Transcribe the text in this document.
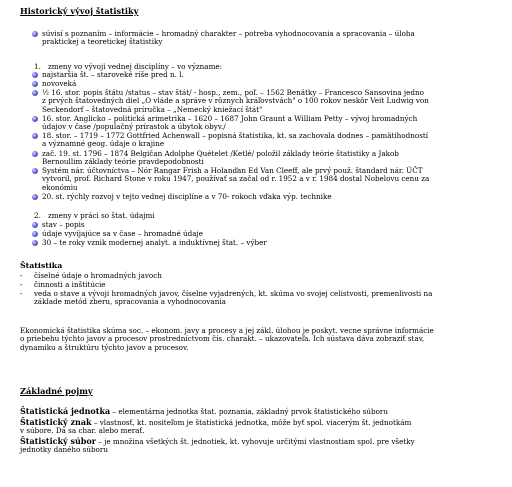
Historický vývoj štatistiky
súvisí s poznaním – informácie – hromadný charakter – potreba vyhodnocovania a spracovania – úloha
praktickej a teoretickej štatistiky
1. zmeny vo vývoji vednej disciplíny – vo význame:
najstaršia št. – staroveké ríše pred n. l.
novoveká
½ 16. stor. popis štátu /status – stav štát/ - hosp., zem., poľ. – 1562 Benátky – Francesco Sansovina jedno
z prvých štatovedných diel „O vláde a správe v rôznych kráľovstvách" o 100 rokov neskôr Veit Ludwig von
Seckendorf – štatovedná príručka – „Nemecký kniežací štát"
16. stor. Anglicko – politická arimetrika – 1620 – 1687 John Graunt a William Petty – vývoj hromadných
údajov v čase /populačný prírastok a úbytok obyv./
18. stor. – 1719 – 1772 Gottfried Achenwall – popisná štatistika, kt. sa zachovala dodnes – pamätihodností
a významné geog. údaje o krajine
zač. 19. st. 1796 – 1874 Belgičan Adolphe Quételet /Ketlé/ položil základy teórie štatistiky a Jakob
Bernoullim základy teórie pravdepodobnosti
Systém nár. účtovníctva – Nór Rangar Frish a Holanďan Ed Van Cleeff, ale prvý použ. štandard nár. ÚČT
vytvoril, prof. Richard Stone v roku 1947, používať sa začal od r. 1952 a v r. 1984 dostal Nobelovu cenu za
ekonómiu
20. st. rýchly rozvoj v tejto vednej disciplíne a v 70- rokoch vďaka výp. technike
2. zmeny v práci so štat. údajmi
stav – popis
údaje vyvíjajúce sa v čase – hromadné údaje
30 – te roky vznik modernej analyt. a induktívnej štat. – výber
Štatistika
- číselné údaje o hromadných javoch
- činnosti a inštitúcie
- veda o stave a vývoji hromadných javov, číselne vyjadrených, kt. skúma vo svojej celistvosti, premenlivosti na
základe metód zberu, spracovania a vyhodnocovania
Ekonomická štatistika skúma soc. – ekonom. javy a procesy a jej zákl. úlohou je poskyt. vecne správne informácie
o priebehu týchto javov a procesov prostredníctvom čís. charakt. – ukazovateľa. Ich sústava dáva zobraziť stav,
dynamiku a štruktúru týchto javov a procesov.
Základné pojmy
Štatistická jednotka – elementárna jednotka štat. poznania, základný prvok štatistického súboru
Štatistický znak – vlastnosť, kt. nositeľom je štatistická jednotka, môže byť spol. viacerým št. jednotkám
v súbore. Dá sa char. alebo merať.
Štatistický súbor – je množina všetkých št. jednotiek, kt. vyhovuje určitými vlastnostiam spol. pre všetky
jednotky daného súboru
